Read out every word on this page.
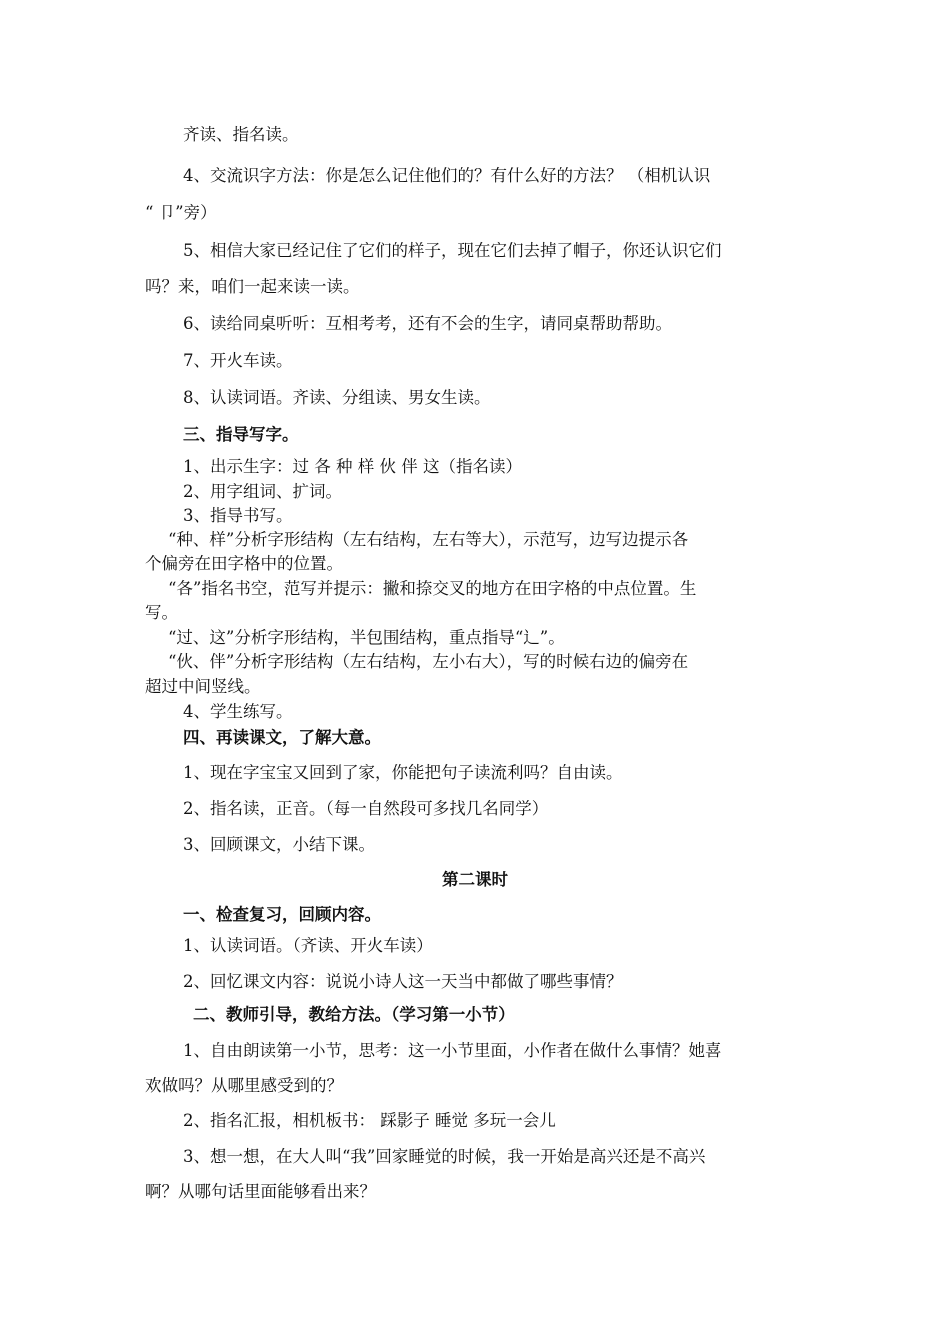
齐读、指名读。

4、交流识字方法：你是怎么记住他们的？有什么好的方法？ （相机认识

“ 卩”旁）

5、相信大家已经记住了它们的样子，现在它们去掉了帽子，你还认识它们

吗？来，咱们一起来读一读。

6、读给同桌听听：互相考考，还有不会的生字，请同桌帮助帮助。

7、开火车读。

8、认读词语。齐读、分组读、男女生读。

三、指导写字。

1、出示生字：过 各 种 样 伙 伴 这（指名读）

2、用字组词、扩词。

3、指导书写。

“种、样”分析字形结构（左右结构，左右等大），示范写，边写边提示各

个偏旁在田字格中的位置。

“各”指名书空，范写并提示：撇和捺交叉的地方在田字格的中点位置。生

写。

“过、这”分析字形结构，半包围结构，重点指导“辶”。

“伙、伴”分析字形结构（左右结构，左小右大），写的时候右边的偏旁在

超过中间竖线。

4、学生练写。

四、再读课文，了解大意。

1、现在字宝宝又回到了家，你能把句子读流利吗？自由读。

2、指名读，正音。（每一自然段可多找几名同学）

3、回顾课文，小结下课。

第二课时

一、检查复习，回顾内容。

1、认读词语。（齐读、开火车读）

2、回忆课文内容：说说小诗人这一天当中都做了哪些事情？

二、教师引导，教给方法。（学习第一小节）

1、自由朗读第一小节，思考：这一小节里面，小作者在做什么事情？她喜

欢做吗？从哪里感受到的？

2、指名汇报，相机板书： 踩影子 睡觉 多玩一会儿

3、想一想，在大人叫“我”回家睡觉的时候，我一开始是高兴还是不高兴

啊？从哪句话里面能够看出来？
